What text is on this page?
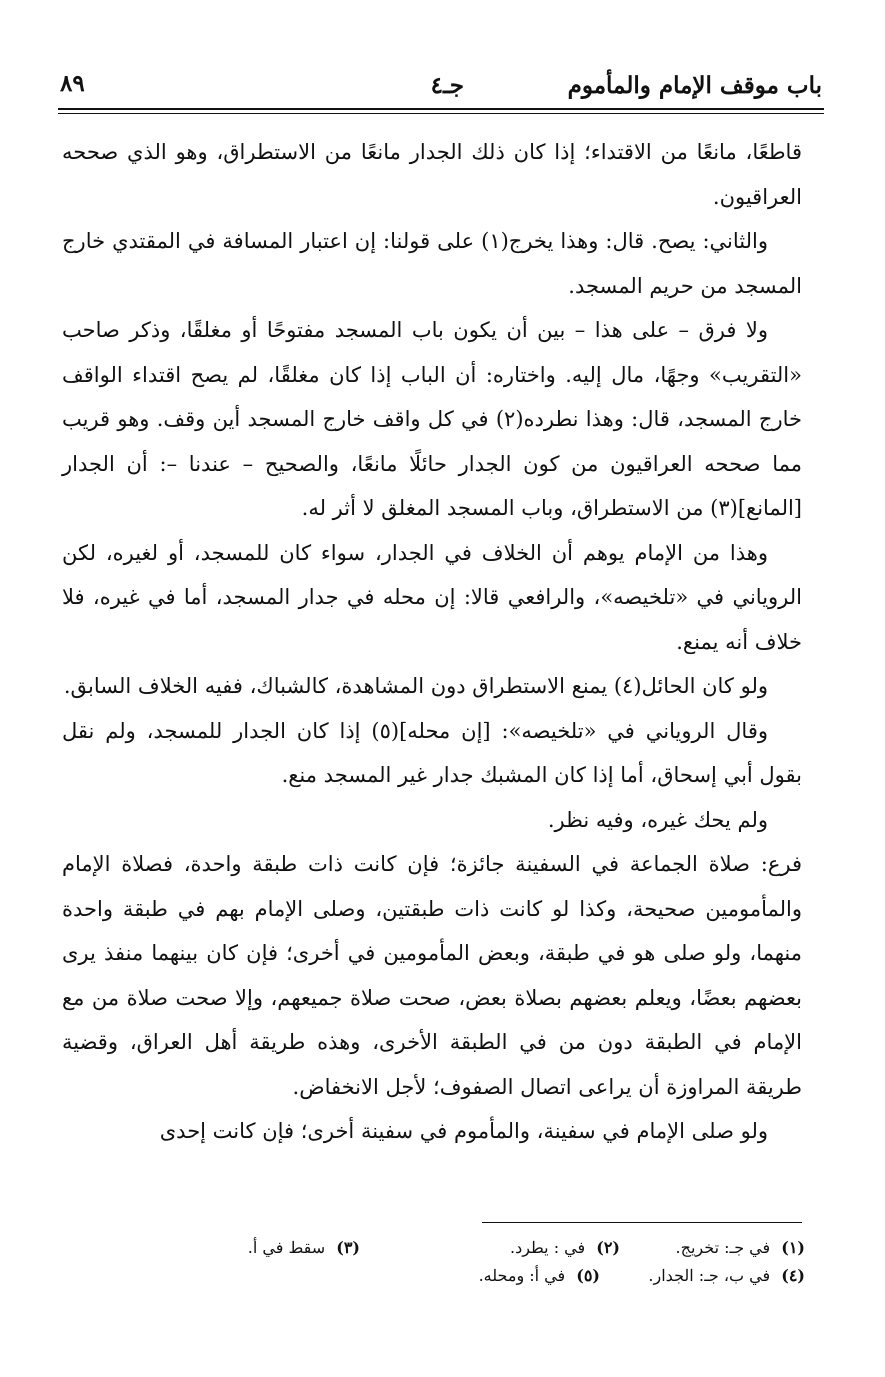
باب موقف الإمام والمأموم
جـ٤
٨٩

قاطعًا، مانعًا من الاقتداء؛ إذا كان ذلك الجدار مانعًا من الاستطراق، وهو الذي صححه العراقيون.

والثاني: يصح. قال: وهذا يخرج(١) على قولنا: إن اعتبار المسافة في المقتدي خارج المسجد من حريم المسجد.

ولا فرق – على هذا – بين أن يكون باب المسجد مفتوحًا أو مغلقًا، وذكر صاحب «التقريب» وجهًا، مال إليه. واختاره: أن الباب إذا كان مغلقًا، لم يصح اقتداء الواقف خارج المسجد، قال: وهذا نطرده(٢) في كل واقف خارج المسجد أين وقف. وهو قريب مما صححه العراقيون من كون الجدار حائلًا مانعًا، والصحيح – عندنا –: أن الجدار [المانع](٣) من الاستطراق، وباب المسجد المغلق لا أثر له.

وهذا من الإمام يوهم أن الخلاف في الجدار، سواء كان للمسجد، أو لغيره، لكن الروياني في «تلخيصه»، والرافعي قالا: إن محله في جدار المسجد، أما في غيره، فلا خلاف أنه يمنع.

ولو كان الحائل(٤) يمنع الاستطراق دون المشاهدة، كالشباك، ففيه الخلاف السابق.

وقال الروياني في «تلخيصه»: [إن محله](٥) إذا كان الجدار للمسجد، ولم نقل بقول أبي إسحاق، أما إذا كان المشبك جدار غير المسجد منع.

ولم يحك غيره، وفيه نظر.

فرع: صلاة الجماعة في السفينة جائزة؛ فإن كانت ذات طبقة واحدة، فصلاة الإمام والمأمومين صحيحة، وكذا لو كانت ذات طبقتين، وصلى الإمام بهم في طبقة واحدة منهما، ولو صلى هو في طبقة، وبعض المأمومين في أخرى؛ فإن كان بينهما منفذ يرى بعضهم بعضًا، ويعلم بعضهم بصلاة بعض، صحت صلاة جميعهم، وإلا صحت صلاة من مع الإمام في الطبقة دون من في الطبقة الأخرى، وهذه طريقة أهل العراق، وقضية طريقة المراوزة أن يراعى اتصال الصفوف؛ لأجل الانخفاض.

ولو صلى الإمام في سفينة، والمأموم في سفينة أخرى؛ فإن كانت إحدى

(١) في جـ: تخريج.
(٢) في : يطرد.
(٣) سقط في أ.
(٤) في ب، جـ: الجدار.
(٥) في أ: ومحله.
